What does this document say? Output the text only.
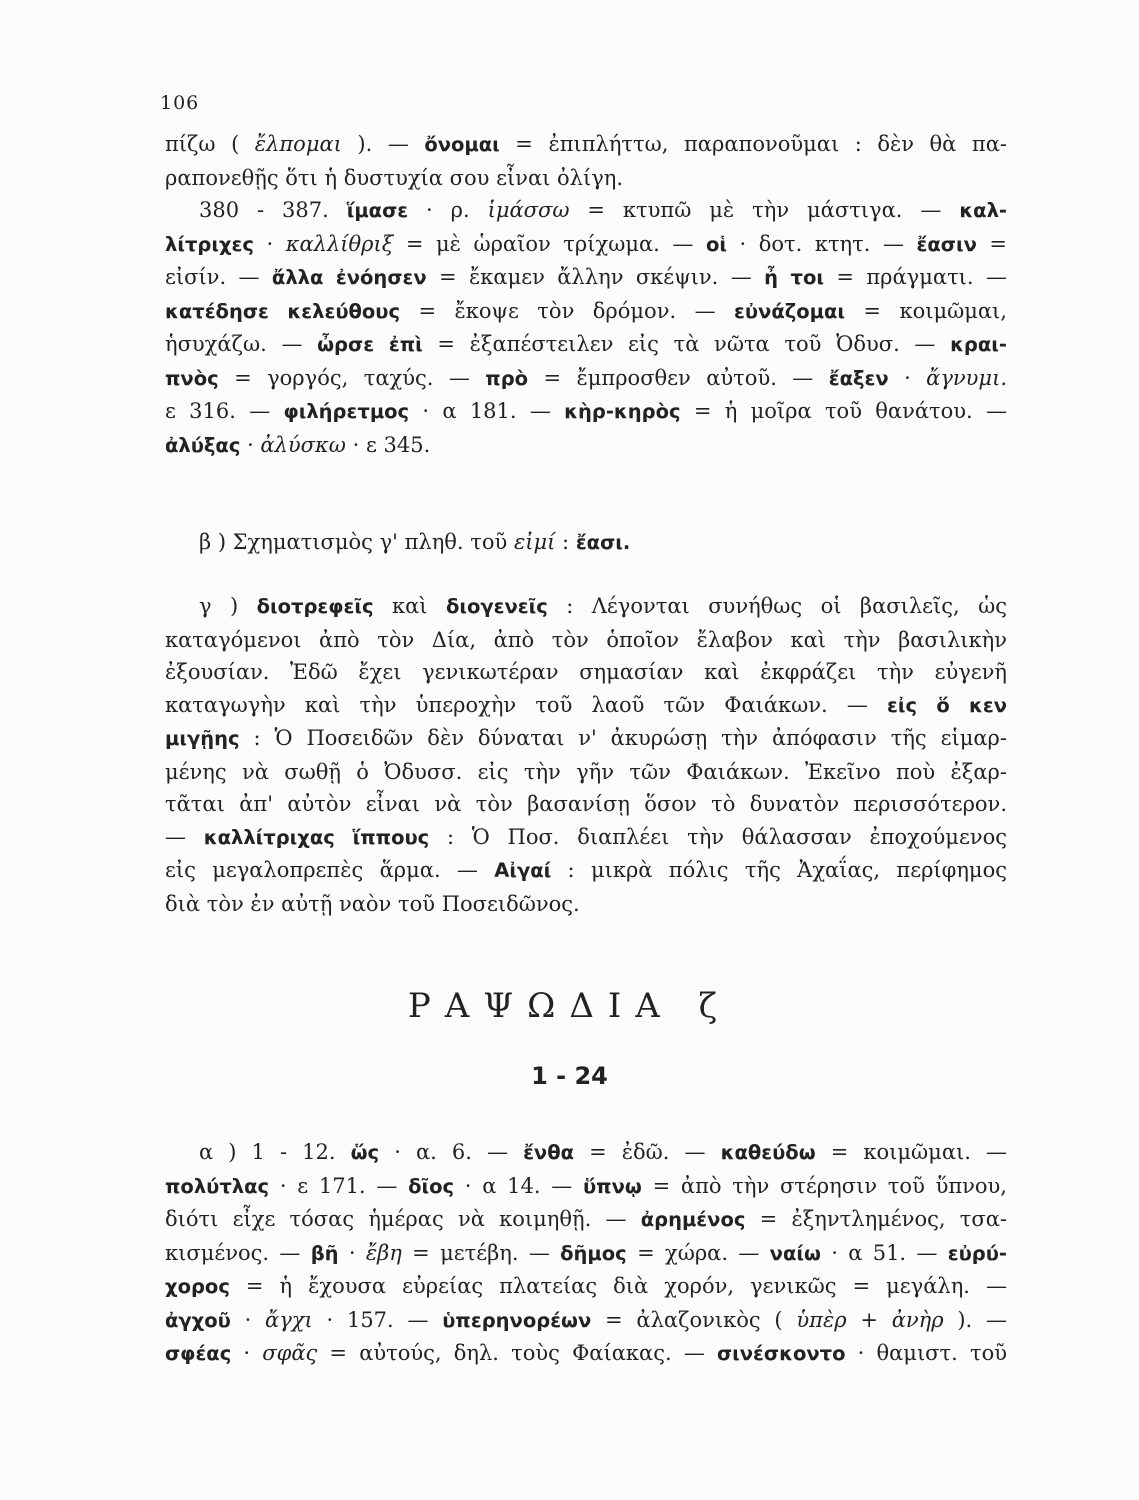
106
πίζω ( ἔλπομαι ). — ὄνομαι = ἐπιπλήττω, παραπονοῦμαι : δὲν θὰ πα-
ραπονεθῇς ὅτι ἡ δυστυχία σου εἶναι ὀλίγη.
380 - 387. ἵμασε · ρ. ἱμάσσω = κτυπῶ μὲ τὴν μάστιγα. — καλ-
λίτριχες · καλλίθριξ = μὲ ὡραῖον τρίχωμα. — οἱ · δοτ. κτητ. — ἔασιν =
εἰσίν. — ἄλλα ἐνόησεν = ἔκαμεν ἄλλην σκέψιν. — ἦ τοι = πράγματι. —
κατέδησε κελεύθους = ἔκοψε τὸν δρόμον. — εὐνάζομαι = κοιμῶμαι,
ἡσυχάζω. — ὦρσε ἐπὶ = ἐξαπέστειλεν εἰς τὰ νῶτα τοῦ Ὀδυσ. — κραι-
πνὸς = γοργός, ταχύς. — πρὸ = ἔμπροσθεν αὐτοῦ. — ἔαξεν · ἄγνυμι.
ε 316. — φιλήρετμος · α 181. — κὴρ-κηρὸς = ἡ μοῖρα τοῦ θανάτου. —
ἀλύξας · ἀλύσκω · ε 345.
β ) Σχηματισμὸς γ' πληθ. τοῦ εἰμί : ἔασι.
γ ) διοτρεφεῖς καὶ διογενεῖς : Λέγονται συνήθως οἱ βασιλεῖς, ὡς
καταγόμενοι ἀπὸ τὸν Δία, ἀπὸ τὸν ὁποῖον ἔλαβον καὶ τὴν βασιλικὴν
ἐξουσίαν. Ἐδῶ ἔχει γενικωτέραν σημασίαν καὶ ἐκφράζει τὴν εὐγενῆ
καταγωγὴν καὶ τὴν ὑπεροχὴν τοῦ λαοῦ τῶν Φαιάκων. — εἰς ὅ κεν
μιγῇης : Ὁ Ποσειδῶν δὲν δύναται ν' ἀκυρώσῃ τὴν ἀπόφασιν τῆς εἱμαρ-
μένης νὰ σωθῇ ὁ Ὀδυσσ. εἰς τὴν γῆν τῶν Φαιάκων. Ἐκεῖνο ποὺ ἐξαρ-
τᾶται ἀπ' αὐτὸν εἶναι νὰ τὸν βασανίσῃ ὅσον τὸ δυνατὸν περισσότερον.
— καλλίτριχας ἵππους : Ὁ Ποσ. διαπλέει τὴν θάλασσαν ἐποχούμενος
εἰς μεγαλοπρεπὲς ἅρμα. — Αἰγαί : μικρὰ πόλις τῆς Ἀχαΐας, περίφημος
διὰ τὸν ἐν αὐτῇ ναὸν τοῦ Ποσειδῶνος.
ΡΑΨΩΔΙΑ ζ
1 - 24
α ) 1 - 12. ὥς · α. 6. — ἔνθα = ἐδῶ. — καθεύδω = κοιμῶμαι. —
πολύτλας · ε 171. — δῖος · α 14. — ὕπνῳ = ἀπὸ τὴν στέρησιν τοῦ ὕπνου,
διότι εἶχε τόσας ἡμέρας νὰ κοιμηθῇ. — ἀρημένος = ἐξηντλημένος, τσα-
κισμένος. — βῆ · ἔβη = μετέβη. — δῆμος = χώρα. — ναίω · α 51. — εὐρύ-
χορος = ἡ ἔχουσα εὐρείας πλατείας διὰ χορόν, γενικῶς = μεγάλη. —
ἀγχοῦ · ἄγχι · 157. — ὑπερηνορέων = ἀλαζονικὸς ( ὑπὲρ + ἀνὴρ ). —
σφέας · σφᾶς = αὐτούς, δηλ. τοὺς Φαίακας. — σινέσκοντο · θαμιστ. τοῦ
